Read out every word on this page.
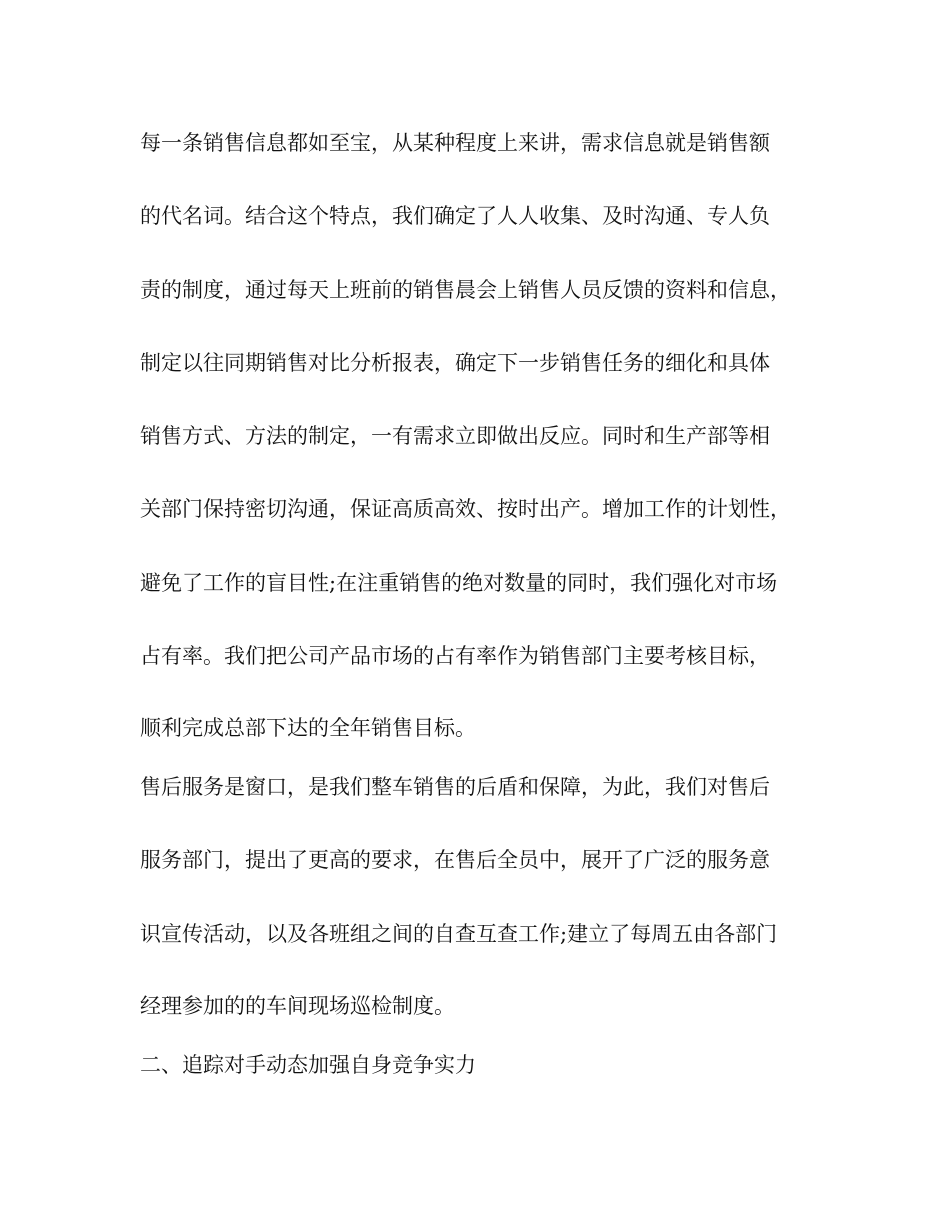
每一条销售信息都如至宝，从某种程度上来讲，需求信息就是销售额
的代名词。结合这个特点，我们确定了人人收集、及时沟通、专人负
责的制度，通过每天上班前的销售晨会上销售人员反馈的资料和信息，
制定以往同期销售对比分析报表，确定下一步销售任务的细化和具体
销售方式、方法的制定，一有需求立即做出反应。同时和生产部等相
关部门保持密切沟通，保证高质高效、按时出产。增加工作的计划性，
避免了工作的盲目性;在注重销售的绝对数量的同时，我们强化对市场
占有率。我们把公司产品市场的占有率作为销售部门主要考核目标，
顺利完成总部下达的全年销售目标。
售后服务是窗口，是我们整车销售的后盾和保障，为此，我们对售后
服务部门，提出了更高的要求，在售后全员中，展开了广泛的服务意
识宣传活动，以及各班组之间的自查互查工作;建立了每周五由各部门
经理参加的的车间现场巡检制度。
二、追踪对手动态加强自身竞争实力
